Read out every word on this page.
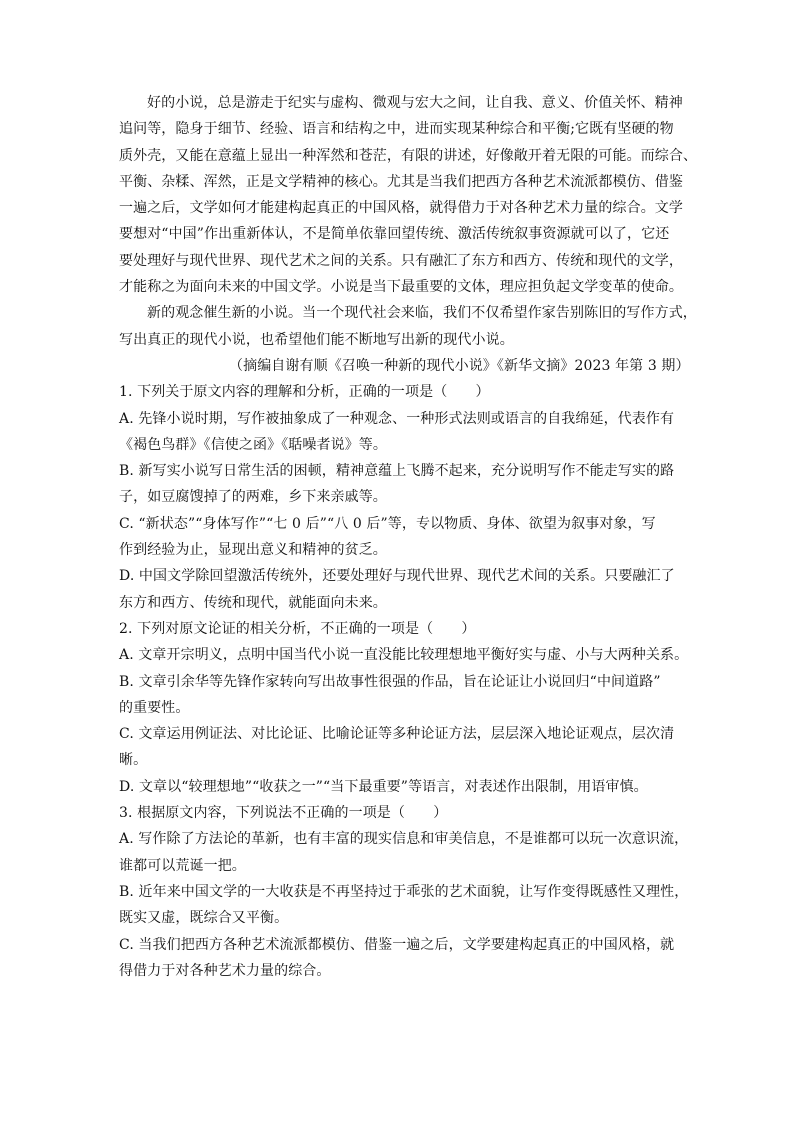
好的小说，总是游走于纪实与虚构、微观与宏大之间，让自我、意义、价值关怀、精神
追问等，隐身于细节、经验、语言和结构之中，进而实现某种综合和平衡;它既有坚硬的物
质外壳，又能在意蕴上显出一种浑然和苍茫，有限的讲述，好像敞开着无限的可能。而综合、
平衡、杂糅、浑然，正是文学精神的核心。尤其是当我们把西方各种艺术流派都模仿、借鉴
一遍之后，文学如何才能建构起真正的中国风格，就得借力于对各种艺术力量的综合。文学
要想对“中国”作出重新体认，不是简单依靠回望传统、激活传统叙事资源就可以了，它还
要处理好与现代世界、现代艺术之间的关系。只有融汇了东方和西方、传统和现代的文学，
才能称之为面向未来的中国文学。小说是当下最重要的文体，理应担负起文学变革的使命。
新的观念催生新的小说。当一个现代社会来临，我们不仅希望作家告别陈旧的写作方式，
写出真正的现代小说，也希望他们能不断地写出新的现代小说。
（摘编自谢有顺《召唤一种新的现代小说》《新华文摘》2023 年第 3 期）
1. 下列关于原文内容的理解和分析，正确的一项是（　　）
A. 先锋小说时期，写作被抽象成了一种观念、一种形式法则或语言的自我绵延，代表作有
《褐色鸟群》《信使之函》《聒噪者说》等。
B. 新写实小说写日常生活的困顿，精神意蕴上飞腾不起来，充分说明写作不能走写实的路
子，如豆腐馊掉了的两难，乡下来亲戚等。
C. “新状态”“身体写作”“七 0 后”“八 0 后”等，专以物质、身体、欲望为叙事对象，写
作到经验为止，显现出意义和精神的贫乏。
D. 中国文学除回望激活传统外，还要处理好与现代世界、现代艺术间的关系。只要融汇了
东方和西方、传统和现代，就能面向未来。
2. 下列对原文论证的相关分析，不正确的一项是（　　）
A. 文章开宗明义，点明中国当代小说一直没能比较理想地平衡好实与虚、小与大两种关系。
B. 文章引余华等先锋作家转向写出故事性很强的作品，旨在论证让小说回归“中间道路”
的重要性。
C. 文章运用例证法、对比论证、比喻论证等多种论证方法，层层深入地论证观点，层次清
晰。
D. 文章以“较理想地”“收获之一”“当下最重要”等语言，对表述作出限制，用语审慎。
3. 根据原文内容，下列说法不正确的一项是（　　）
A. 写作除了方法论的革新，也有丰富的现实信息和审美信息，不是谁都可以玩一次意识流，
谁都可以荒诞一把。
B. 近年来中国文学的一大收获是不再坚持过于乖张的艺术面貌，让写作变得既感性又理性，
既实又虚，既综合又平衡。
C. 当我们把西方各种艺术流派都模仿、借鉴一遍之后，文学要建构起真正的中国风格，就
得借力于对各种艺术力量的综合。
